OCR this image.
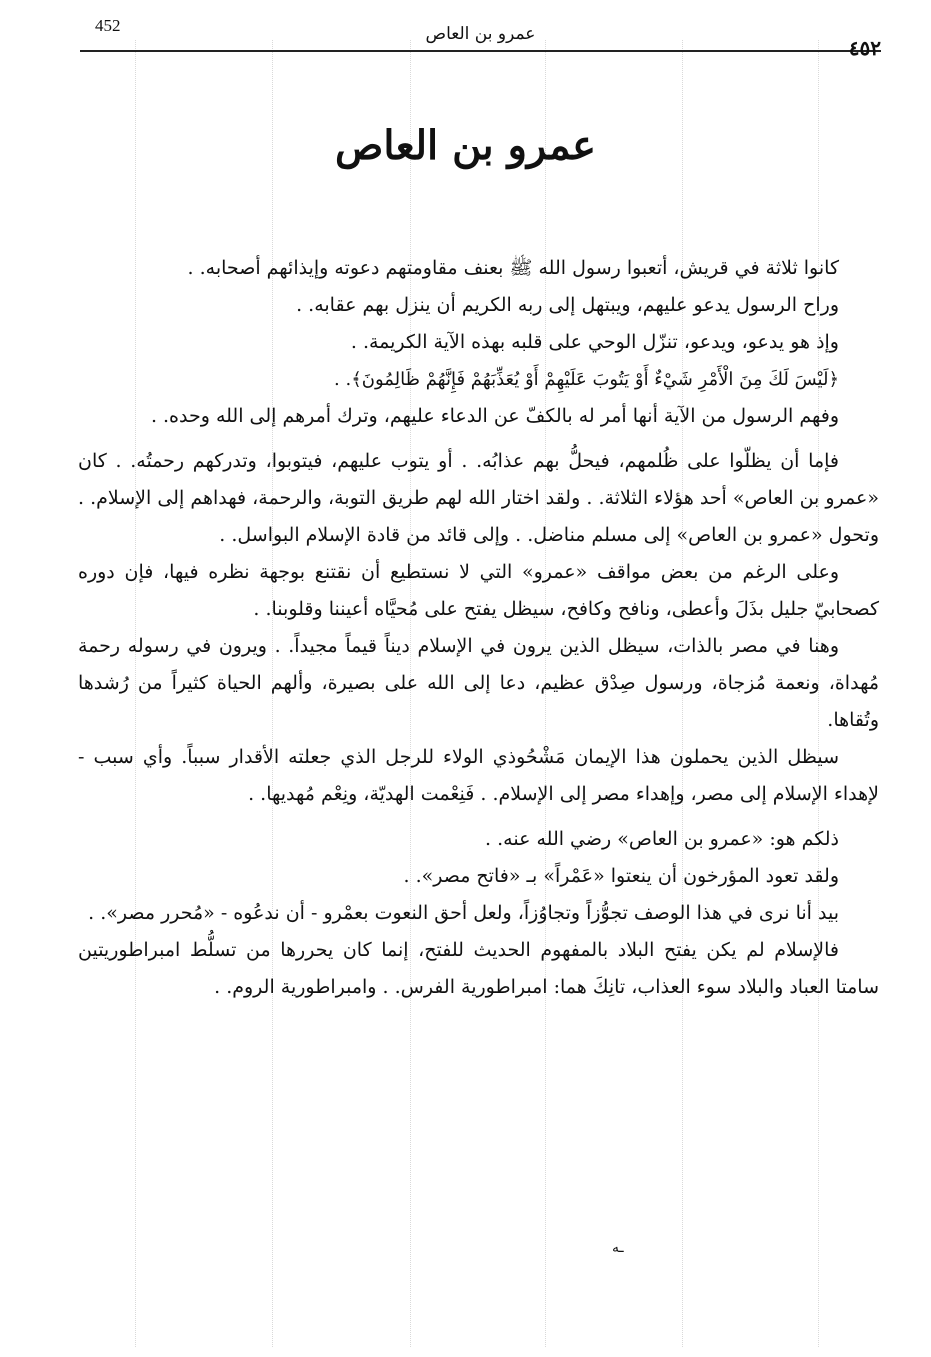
452	عمرو بن العاص
٤٥٢
عمرو بن العاص

كانوا ثلاثة في قريش، أتعبوا رسول الله ﷺ بعنف مقاومتهم دعوته وإيذائهم أصحابه. .

وراح الرسول يدعو عليهم، ويبتهل إلى ربه الكريم أن ينزل بهم عقابه. .

وإذ هو يدعو، ويدعو، تنزّل الوحي على قلبه بهذه الآية الكريمة. .

﴿لَيْسَ لَكَ مِنَ الْأَمْرِ شَيْءٌ أَوْ يَتُوبَ عَلَيْهِمْ أَوْ يُعَذِّبَهُمْ فَإِنَّهُمْ ظَالِمُونَ﴾. .

وفهم الرسول من الآية أنها أمر له بالكفّ عن الدعاء عليهم، وترك أمرهم إلى الله وحده. .

فإما أن يظلّوا على ظُلمهم، فيحلُّ بهم عذابُه. . أو يتوب عليهم، فيتوبوا، وتدركهم رحمتُه. . كان «عمرو بن العاص» أحد هؤلاء الثلاثة. . ولقد اختار الله لهم طريق التوبة، والرحمة، فهداهم إلى الإسلام. . وتحول «عمرو بن العاص» إلى مسلم مناضل. . وإلى قائد من قادة الإسلام البواسل. .

وعلى الرغم من بعض مواقف «عمرو» التي لا نستطيع أن نقتنع بوجهة نظره فيها، فإن دوره كصحابيّ جليل بذَلَ وأعطى، ونافح وكافح، سيظل يفتح على مُحيَّاه أعيننا وقلوبنا. .

وهنا في مصر بالذات، سيظل الذين يرون في الإسلام ديناً قيماً مجيداً. . ويرون في رسوله رحمة مُهداة، ونعمة مُزجاة، ورسول صِدْق عظيم، دعا إلى الله على بصيرة، وألهم الحياة كثيراً من رُشدها وتُقاها.

سيظل الذين يحملون هذا الإيمان مَشْحُوذي الولاء للرجل الذي جعلته الأقدار سبباً. وأي سبب - لإهداء الإسلام إلى مصر، وإهداء مصر إلى الإسلام. . فَنِعْمت الهديّة، ونِعْم مُهديها. .

ذلكم هو: «عمرو بن العاص» رضي الله عنه. .

ولقد تعود المؤرخون أن ينعتوا «عَمْراً» بـ «فاتح مصر». .

بيد أنا نرى في هذا الوصف تجوُّزاً وتجاوُزاً، ولعل أحق النعوت بعمْرو - أن ندعُوه - «مُحرر مصر». .

فالإسلام لم يكن يفتح البلاد بالمفهوم الحديث للفتح، إنما كان يحررها من تسلُّط امبراطوريتين سامتا العباد والبلاد سوء العذاب، تانِكَ هما: امبراطورية الفرس. . وامبراطورية الروم. .

ـه
